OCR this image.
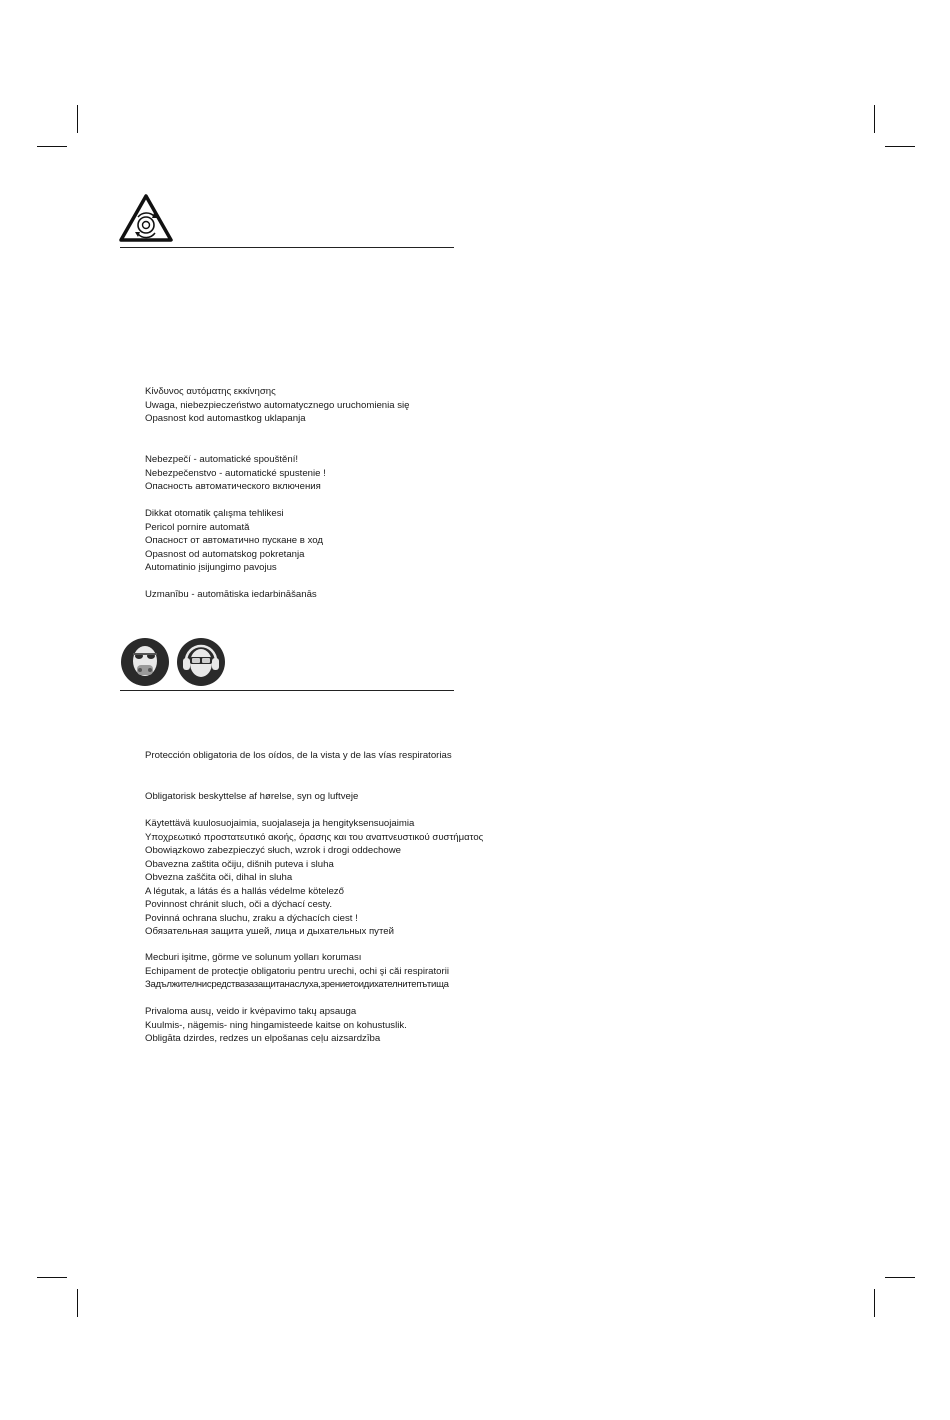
Κίνδυνος αυτόματης εκκίνησης
Uwaga, niebezpieczeństwo automatycznego uruchomienia się
Opasnost kod automastkog uklapanja
Nebezpečí - automatické spouštění!
Nebezpečenstvo - automatické spustenie !
Опасность автоматического включения
Dikkat otomatik çalışma tehlikesi
Pericol pornire automată
Опасност от автоматично пускане в ход
Opasnost od automatskog pokretanja
Automatinio įsijungimo pavojus
Uzmanību - automātiska iedarbināšanās
Protección obligatoria de los oídos, de la vista y de las vías respiratorias
Obligatorisk beskyttelse af hørelse, syn og luftveje
Käytettävä kuulosuojaimia, suojalaseja ja hengityksensuojaimia
Υποχρεωτικό προστατευτικό ακοής, όρασης και του αναπνευστικού συστήματος
Obowiązkowo zabezpieczyć słuch, wzrok i drogi oddechowe
Obavezna zaštita očiju, dišnih puteva i sluha
Obvezna zaščita oči, dihal in sluha
A légutak, a látás és a hallás védelme kötelező
Povinnost chránit sluch, oči a dýchací cesty.
Povinná ochrana sluchu, zraku a dýchacích ciest !
Обязательная защита ушей, лица и дыхательных путей
Mecburi işitme, görme ve solunum yolları koruması
Echipament de protecţie obligatoriu pentru urechi, ochi şi căi respiratorii
Задължителнисредствазазащитанаслуха,зрениетоидихателнитепътища
Privaloma ausų, veido ir kvėpavimo takų apsauga
Kuulmis-, nägemis- ning hingamisteede kaitse on kohustuslik.
Obligāta dzirdes, redzes un elpošanas ceļu aizsardzība
